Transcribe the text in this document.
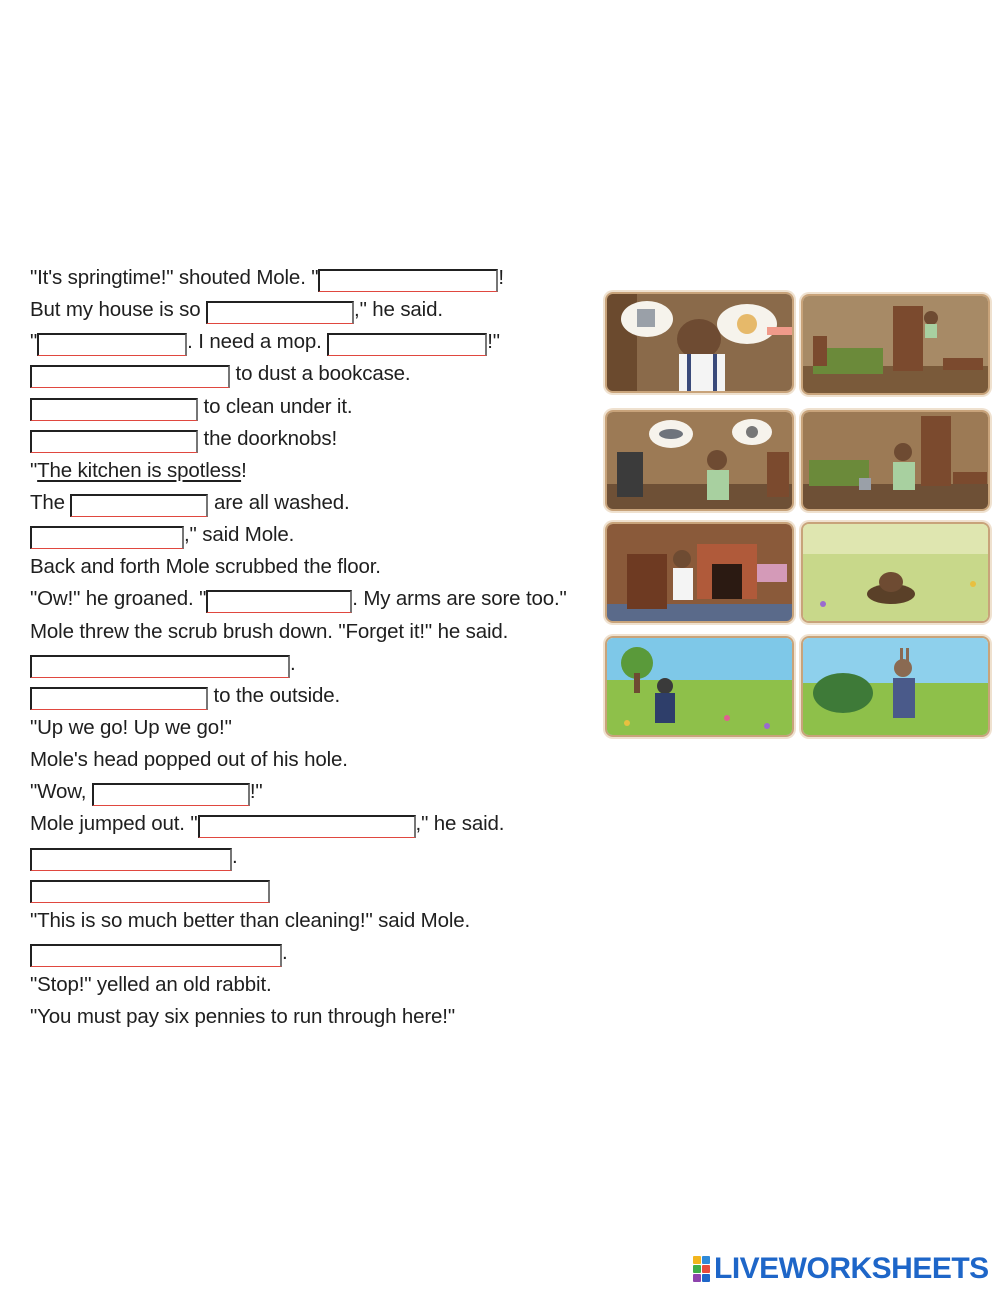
"It's springtime!" shouted Mole. "	!
But my house is so	," he said.
"	. I need a mop.	!"
to dust a bookcase.
to clean under it.
the doorknobs!
"The kitchen is spotless!
The	are all washed.
," said Mole.
Back and forth Mole scrubbed the floor.
"Ow!" he groaned. "	. My arms are sore too."
Mole threw the scrub brush down. "Forget it!" he said.
.
to the outside.
"Up we go! Up we go!"
Mole's head popped out of his hole.
"Wow,	!"
Mole jumped out. "	," he said.
.
"This is so much better than cleaning!" said Mole.
.
"Stop!" yelled an old rabbit.
"You must pay six pennies to run through here!"
LIVEWORKSHEETS
